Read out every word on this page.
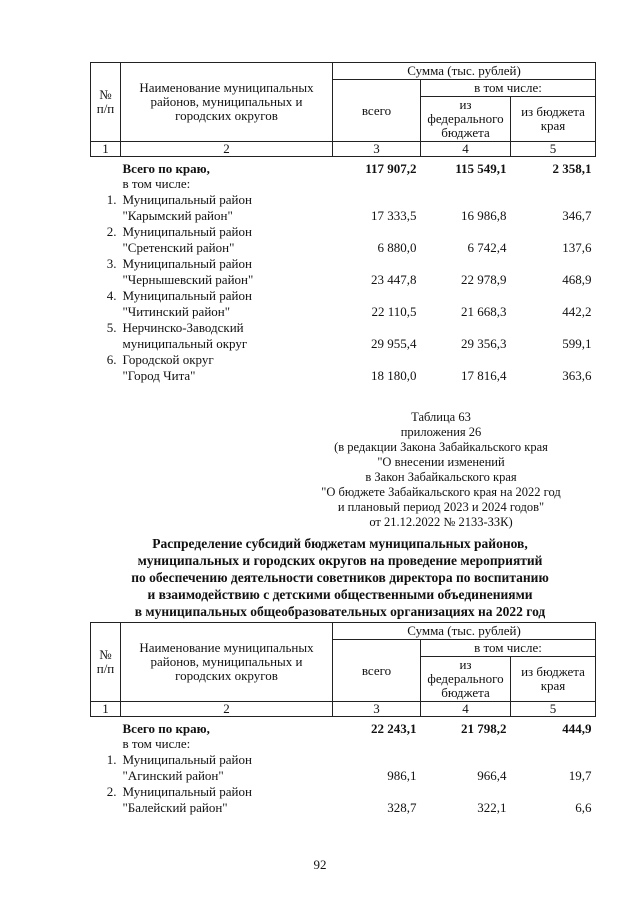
№ п/п	Наименование муниципальных районов, муниципальных и городских округов	Сумма (тыс. рублей)		
		всего	в том числе:	
			из федерального бюджета	из бюджета края
1	2	3	4	5
	Всего по краю,	117 907,2	115 549,1	2 358,1
	в том числе:			
1.	Муниципальный район			
	"Карымский район"	17 333,5	16 986,8	346,7
2.	Муниципальный район			
	"Сретенский район"	6 880,0	6 742,4	137,6
3.	Муниципальный район			
	"Чернышевский район"	23 447,8	22 978,9	468,9
4.	Муниципальный район			
	"Читинский район"	22 110,5	21 668,3	442,2
5.	Нерчинско-Заводский			
	муниципальный округ	29 955,4	29 356,3	599,1
6.	Городской округ			
	"Город Чита"	18 180,0	17 816,4	363,6
Таблица 63
приложения 26
(в редакции Закона Забайкальского края
"О внесении изменений
в Закон Забайкальского края
"О бюджете Забайкальского края на 2022 год
и плановый период 2023 и 2024 годов"
от 21.12.2022 № 2133-ЗЗК)
Распределение субсидий бюджетам муниципальных районов,
муниципальных и городских округов на проведение мероприятий
по обеспечению деятельности советников директора по воспитанию
и взаимодействию с детскими общественными объединениями
в муниципальных общеобразовательных организациях на 2022 год
№ п/п	Наименование муниципальных районов, муниципальных и городских округов	Сумма (тыс. рублей)		
		всего	в том числе:	
			из федерального бюджета	из бюджета края
1	2	3	4	5
	Всего по краю,	22 243,1	21 798,2	444,9
	в том числе:			
1.	Муниципальный район			
	"Агинский район"	986,1	966,4	19,7
2.	Муниципальный район			
	"Балейский район"	328,7	322,1	6,6
92
